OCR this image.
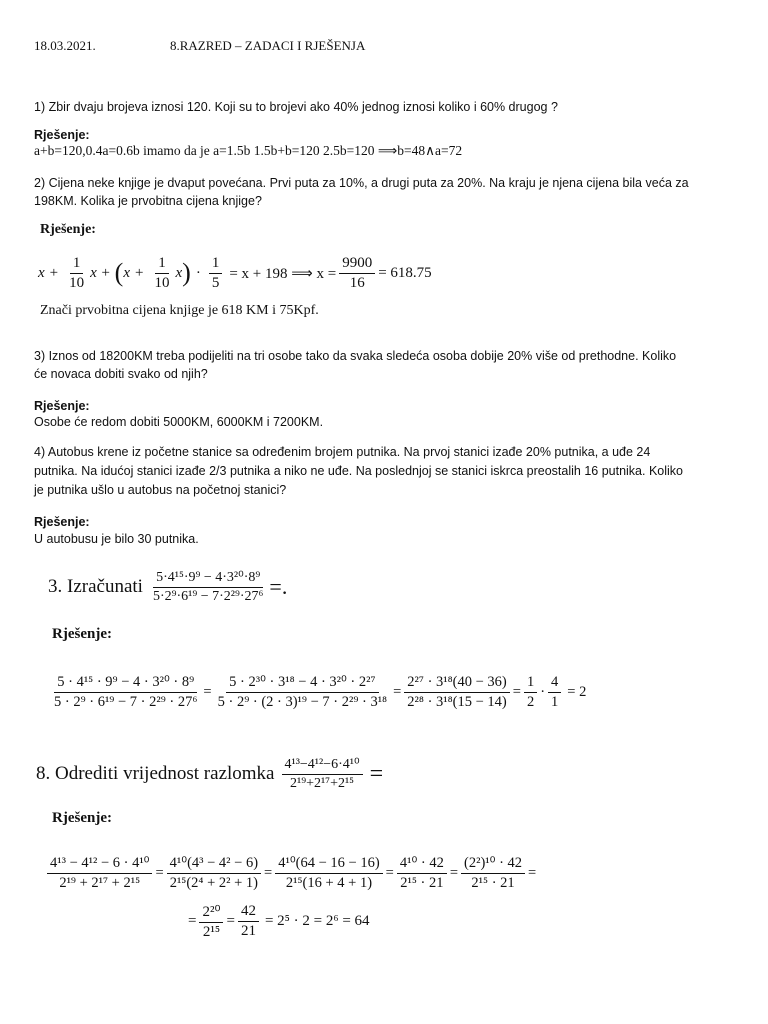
18.03.2021.	8.RAZRED – ZADACI I RJEŠENJA
1) Zbir dvaju brojeva iznosi 120. Koji su to brojevi ako 40% jednog iznosi koliko i 60% drugog ?
Rješenje:
a+b=120,0.4a=0.6b imamo da je a=1.5b 1.5b+b=120 2.5b=120 ⟹b=48∧a=72
2) Cijena neke knjige je dvaput povećana. Prvi puta za 10%, a drugi puta za 20%. Na kraju je njena cijena bila veća za
198KM. Kolika je prvobitna cijena knjige?
Rješenje:
$x + \frac{1}{10}$ x + ( $x + \frac{1}{10}$ x ) · $\frac{1}{5} = x + 198$ ⟹ $x = \frac{9900}{16} = 618.75$
Znači prvobitna cijena knjige je 618 KM i 75Kpf.
3) Iznos od 18200KM treba podijeliti na tri osobe tako da svaka sledeća osoba dobije 20% više od prethodne. Koliko
će novaca dobiti svako od njih?
Rješenje:
Osobe će redom dobiti 5000KM, 6000KM i 7200KM.
4) Autobus krene iz početne stanice sa određenim brojem putnika. Na prvoj stanici izađe 20% putnika, a uđe 24
putnika. Na idućoj stanici izađe 2/3 putnika a niko ne uđe. Na poslednjoj se stanici iskrca preostalih 16 putnika. Koliko
je putnika ušlo u autobus na početnoj stanici?
Rješenje:
U autobusu je bilo 30 putnika.
3. Izračunati $\frac{\text{5·4¹⁵·9⁹ − 4·3²⁰·8⁹}}{\text{5·2⁹·6¹⁹ − 7·2²⁹·27⁶}}$ =.
Rješenje:
$\frac{\text{5 · 4¹⁵ · 9⁹ − 4 · 3²⁰ · 8⁹}}{\text{5 · 2⁹ · 6¹⁹ − 7 · 2²⁹ · 27⁶}} = \frac{\text{5 · 2³⁰ · 3¹⁸ − 4 · 3²⁰ · 2²⁷}}{\text{5 · 2⁹ · (2 · 3)¹⁹ − 7 · 2²⁹ · 3¹⁸}} = \frac{\text{2²⁷ · 3¹⁸(40 − 36)}}{\text{2²⁸ · 3¹⁸(15 − 14)}} = \frac{1}{2} \cdot \frac{4}{1} = 2$
8. Odrediti vrijednost razlomka $\frac{\text{4¹³−4¹²−6·4¹⁰}}{\text{2¹⁹+2¹⁷+2¹⁵}}$ =
Rješenje:
$\frac{\text{4¹³ − 4¹² − 6 · 4¹⁰}}{\text{2¹⁹ + 2¹⁷ + 2¹⁵}} = \frac{\text{4¹⁰(4³ − 4² − 6)}}{\text{2¹⁵(2⁴ + 2² + 1)}} = \frac{\text{4¹⁰(64 − 16 − 16)}}{\text{2¹⁵(16 + 4 + 1)}} = \frac{\text{4¹⁰ · 42}}{\text{2¹⁵ · 21}} = \frac{\text{(2²)¹⁰ · 42}}{\text{2¹⁵ · 21}}$ =
= $\frac{\text{2²⁰}}{\text{2¹⁵}} = \frac{42}{21} = 2^5 \cdot 2 = 2^6 = 64$
